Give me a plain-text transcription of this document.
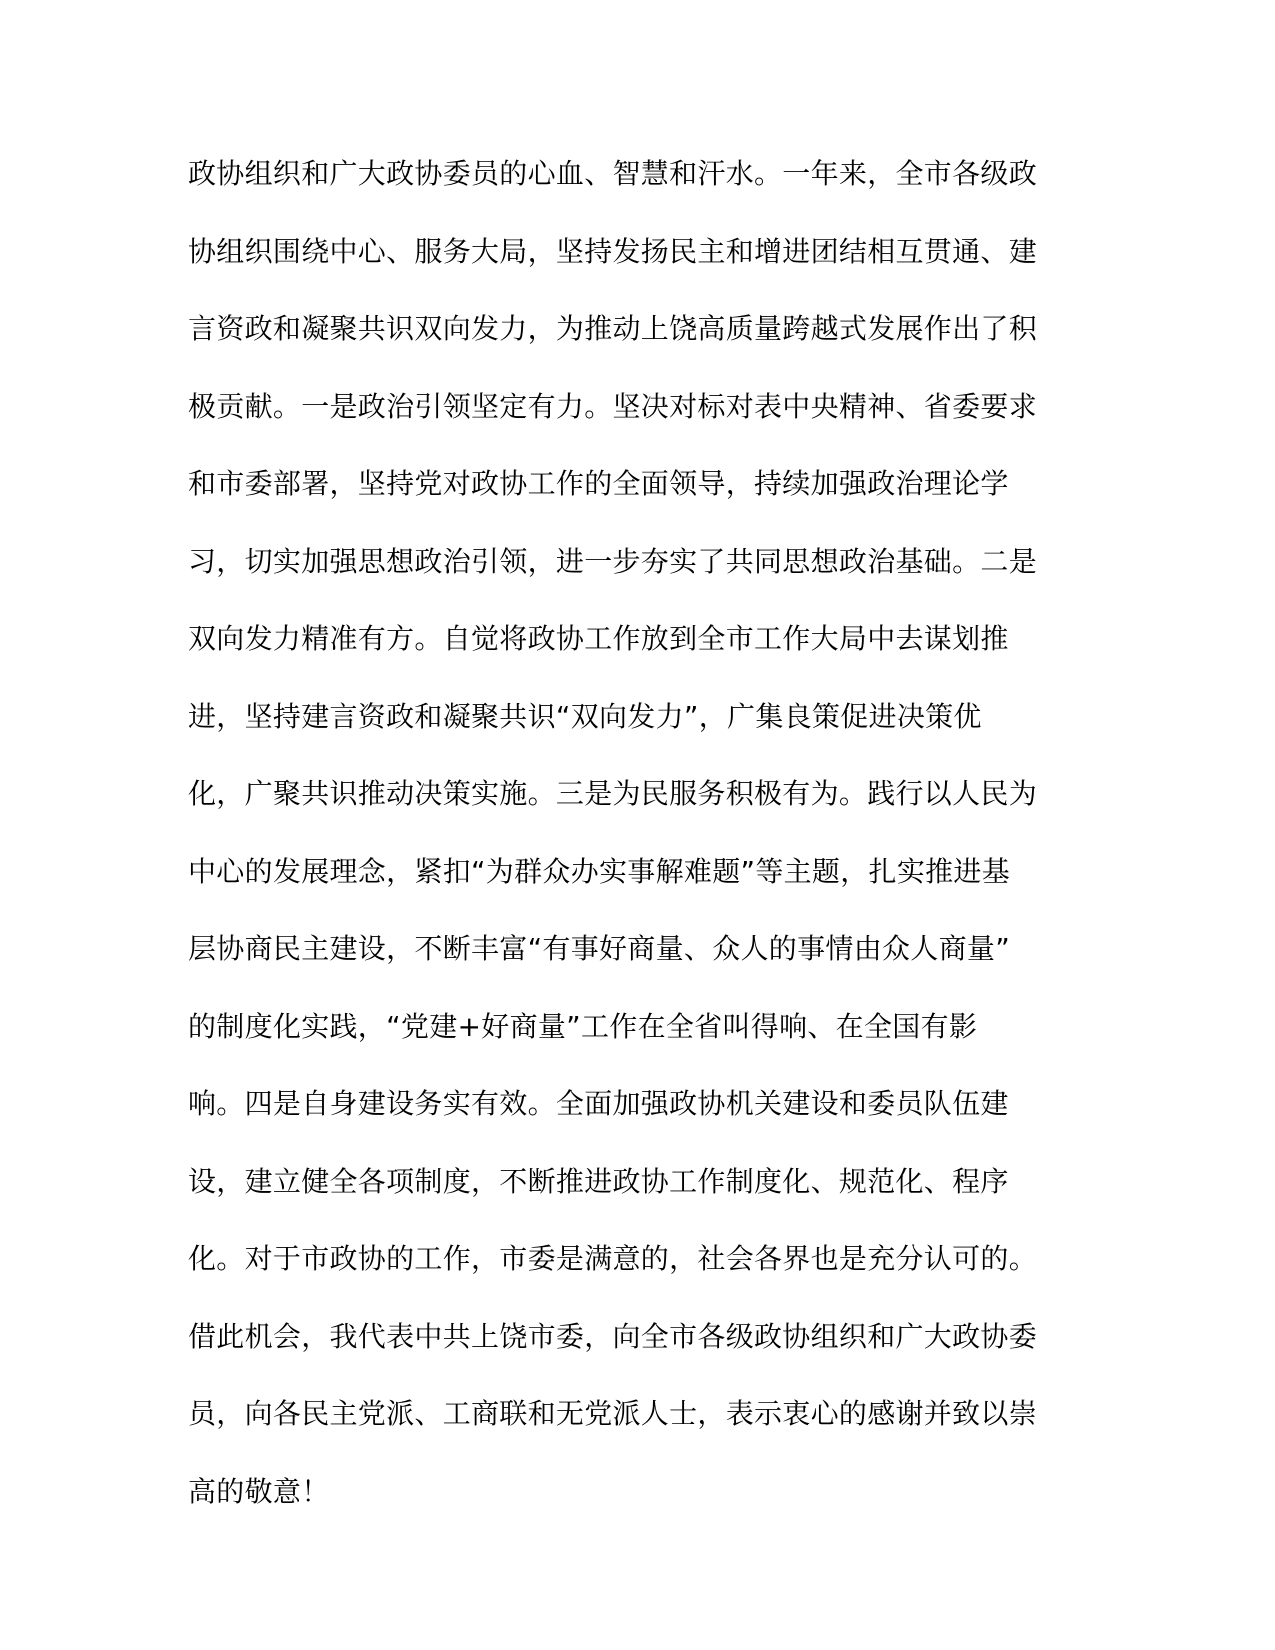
政协组织和广大政协委员的心血、智慧和汗水。一年来，全市各级政
协组织围绕中心、服务大局，坚持发扬民主和增进团结相互贯通、建
言资政和凝聚共识双向发力，为推动上饶高质量跨越式发展作出了积
极贡献。一是政治引领坚定有力。坚决对标对表中央精神、省委要求
和市委部署，坚持党对政协工作的全面领导，持续加强政治理论学
习，切实加强思想政治引领，进一步夯实了共同思想政治基础。二是
双向发力精准有方。自觉将政协工作放到全市工作大局中去谋划推
进，坚持建言资政和凝聚共识“双向发力”，广集良策促进决策优
化，广聚共识推动决策实施。三是为民服务积极有为。践行以人民为
中心的发展理念，紧扣“为群众办实事解难题”等主题，扎实推进基
层协商民主建设，不断丰富“有事好商量、众人的事情由众人商量”
的制度化实践，“党建+好商量”工作在全省叫得响、在全国有影
响。四是自身建设务实有效。全面加强政协机关建设和委员队伍建
设，建立健全各项制度，不断推进政协工作制度化、规范化、程序
化。对于市政协的工作，市委是满意的，社会各界也是充分认可的。
借此机会，我代表中共上饶市委，向全市各级政协组织和广大政协委
员，向各民主党派、工商联和无党派人士，表示衷心的感谢并致以崇
高的敬意！
